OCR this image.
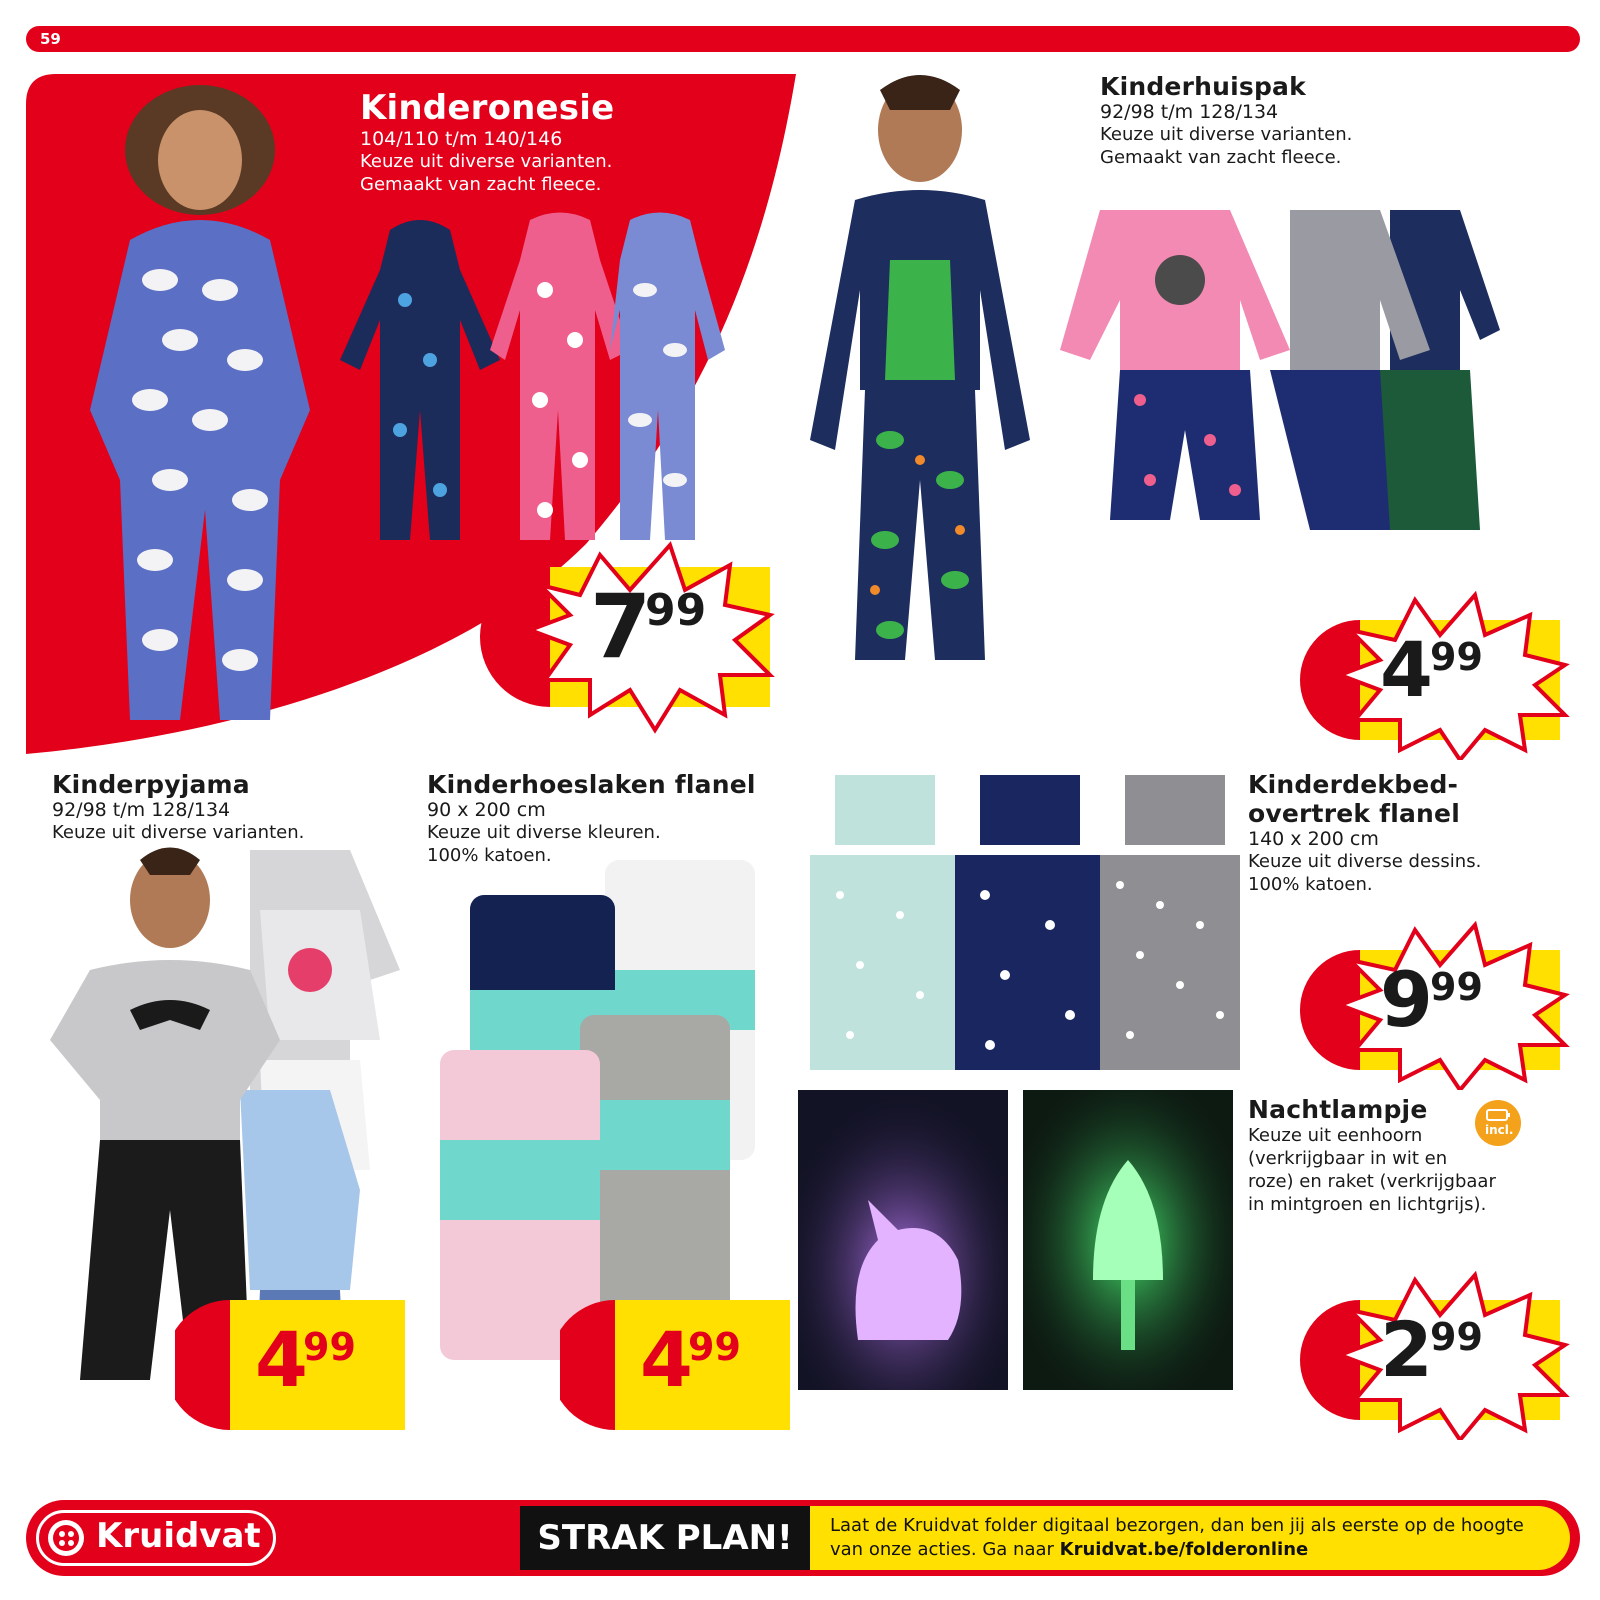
59
Kinderonesie
104/110 t/m 140/146
Keuze uit diverse varianten.
Gemaakt van zacht fleece.
7
99
Kinderhuispak
92/98 t/m 128/134
Keuze uit diverse varianten.
Gemaakt van zacht fleece.
4
99
Kinderpyjama
92/98 t/m 128/134
Keuze uit diverse varianten.
4
99
Kinderhoeslaken flanel
90 x 200 cm
Keuze uit diverse kleuren.
100% katoen.
4
99
Kinderdekbed-
overtrek flanel
140 x 200 cm
Keuze uit diverse dessins.
100% katoen.
9
99
Nachtlampje
Keuze uit eenhoorn
(verkrijgbaar in wit en
roze) en raket (verkrijgbaar
in mintgroen en lichtgrijs).
incl.
2
99
Kruidvat	STRAK PLAN!	Laat de Kruidvat folder digitaal bezorgen, dan ben jij als eerste op de hoogte
van onze acties. Ga naar Kruidvat.be/folderonline
